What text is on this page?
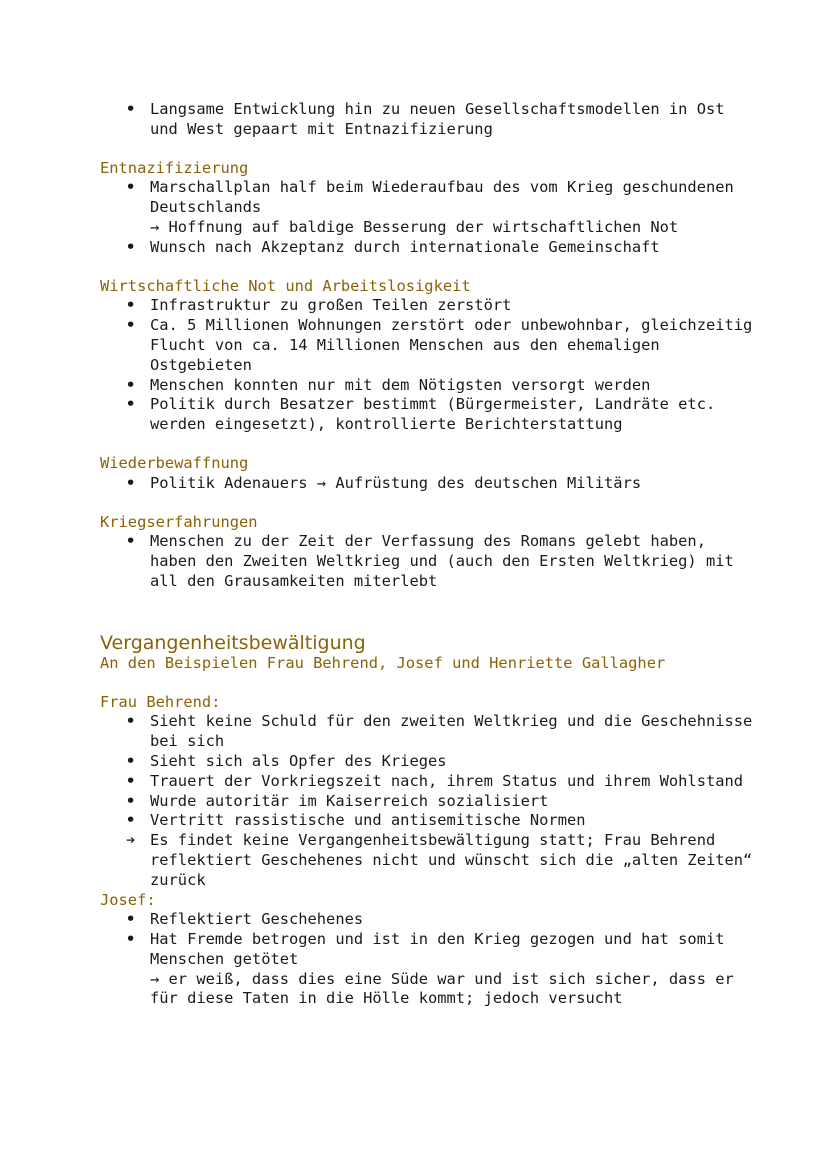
• Langsame Entwicklung hin zu neuen Gesellschaftsmodellen in Ost und West gepaart mit Entnazifizierung
Entnazifizierung
• Marschallplan half beim Wiederaufbau des vom Krieg geschundenen Deutschlands
→ Hoffnung auf baldige Besserung der wirtschaftlichen Not
• Wunsch nach Akzeptanz durch internationale Gemeinschaft
Wirtschaftliche Not und Arbeitslosigkeit
• Infrastruktur zu großen Teilen zerstört
• Ca. 5 Millionen Wohnungen zerstört oder unbewohnbar, gleichzeitig Flucht von ca. 14 Millionen Menschen aus den ehemaligen Ostgebieten
• Menschen konnten nur mit dem Nötigsten versorgt werden
• Politik durch Besatzer bestimmt (Bürgermeister, Landräte etc. werden eingesetzt), kontrollierte Berichterstattung
Wiederbewaffnung
• Politik Adenauers → Aufrüstung des deutschen Militärs
Kriegserfahrungen
• Menschen zu der Zeit der Verfassung des Romans gelebt haben, haben den Zweiten Weltkrieg und (auch den Ersten Weltkrieg) mit all den Grausamkeiten miterlebt
Vergangenheitsbewältigung
An den Beispielen Frau Behrend, Josef und Henriette Gallagher
Frau Behrend:
• Sieht keine Schuld für den zweiten Weltkrieg und die Geschehnisse bei sich
• Sieht sich als Opfer des Krieges
• Trauert der Vorkriegszeit nach, ihrem Status und ihrem Wohlstand
• Wurde autoritär im Kaiserreich sozialisiert
• Vertritt rassistische und antisemitische Normen
➔ Es findet keine Vergangenheitsbewältigung statt; Frau Behrend reflektiert Geschehenes nicht und wünscht sich die „alten Zeiten“ zurück
Josef:
• Reflektiert Geschehenes
• Hat Fremde betrogen und ist in den Krieg gezogen und hat somit Menschen getötet
→ er weiß, dass dies eine Süde war und ist sich sicher, dass er für diese Taten in die Hölle kommt; jedoch versucht
